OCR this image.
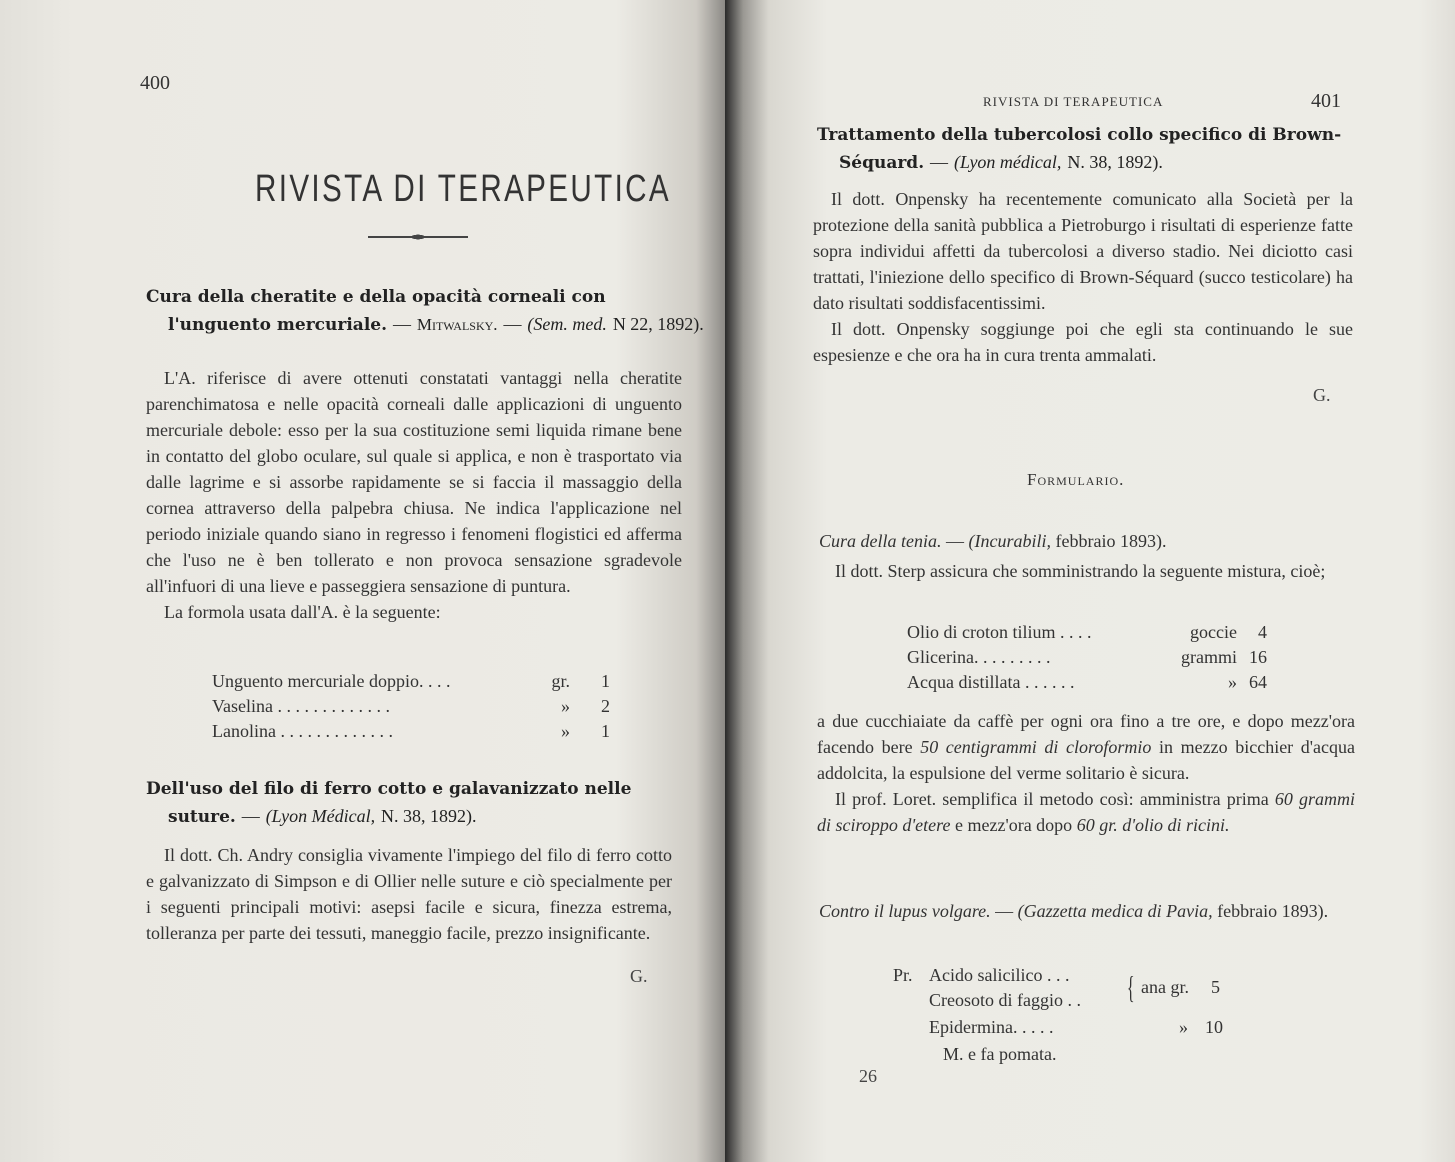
400
RIVISTA DI TERAPEUTICA
Cura della cheratite e della opacità corneali con l'unguento mercuriale. — Mitwalsky. — (Sem. med. N 22, 1892).

L'A. riferisce di avere ottenuti constatati vantaggi nella cheratite parenchimatosa e nelle opacità corneali dalle applicazioni di unguento mercuriale debole: esso per la sua costituzione semi liquida rimane bene in contatto del globo oculare, sul quale si applica, e non è trasportato via dalle lagrime e si assorbe rapidamente se si faccia il massaggio della cornea attraverso della palpebra chiusa. Ne indica l'applicazione nel periodo iniziale quando siano in regresso i fenomeni flogistici ed afferma che l'uso ne è ben tollerato e non provoca sensazione sgradevole all'infuori di una lieve e passeggiera sensazione di puntura.

La formola usata dall'A. è la seguente:

Unguento mercuriale doppio. . . .	gr.	1
Vaselina . . . . . . . . . . . . .	»	2
Lanolina . . . . . . . . . . . . .	»	1
Dell'uso del filo di ferro cotto e galavanizzato nelle suture. — (Lyon Médical, N. 38, 1892).

Il dott. Ch. Andry consiglia vivamente l'impiego del filo di ferro cotto e galvanizzato di Simpson e di Ollier nelle suture e ciò specialmente per i seguenti principali motivi: asepsi facile e sicura, finezza estrema, tolleranza per parte dei tessuti, maneggio facile, prezzo insignificante.

G.
RIVISTA DI TERAPEUTICA	401
Trattamento della tubercolosi collo specifico di Brown-Séquard. — (Lyon médical, N. 38, 1892).

Il dott. Onpensky ha recentemente comunicato alla Società per la protezione della sanità pubblica a Pietroburgo i risultati di esperienze fatte sopra individui affetti da tubercolosi a diverso stadio. Nei diciotto casi trattati, l'iniezione dello specifico di Brown-Séquard (succo testicolare) ha dato risultati soddisfacentissimi.

Il dott. Onpensky soggiunge poi che egli sta continuando le sue espesienze e che ora ha in cura trenta ammalati.

G.
Formulario.
Cura della tenia. — (Incurabili, febbraio 1893).

Il dott. Sterp assicura che somministrando la seguente mistura, cioè;

Olio di croton tilium . . . .	goccie	4
Glicerina. . . . . . . . .	grammi 16
Acqua distillata . . . . . .	» 64

a due cucchiaiate da caffè per ogni ora fino a tre ore, e dopo mezz'ora facendo bere 50 centigrammi di cloroformio in mezzo bicchier d'acqua addolcita, la espulsione del verme solitario è sicura.

Il prof. Loret. semplifica il metodo così: amministra prima 60 grammi di sciroppo d'etere e mezz'ora dopo 60 gr. d'olio di ricini.

Contro il lupus volgare. — (Gazzetta medica di Pavia, febbraio 1893).
Pr. Acido salicilico . . .
Creosoto di faggio . . { ana gr. 5
Epidermina. . . . .	» 10
M. e fa pomata.
26
